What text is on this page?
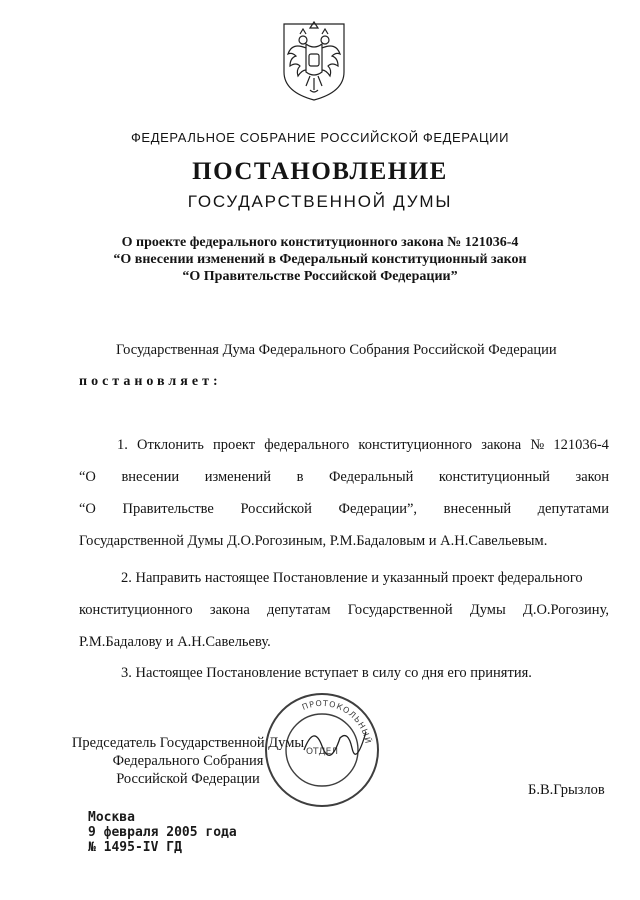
ФЕДЕРАЛЬНОЕ СОБРАНИЕ РОССИЙСКОЙ ФЕДЕРАЦИИ
ПОСТАНОВЛЕНИЕ
ГОСУДАРСТВЕННОЙ ДУМЫ
О проекте федерального конституционного закона № 121036-4
“О внесении изменений в Федеральный конституционный закон
“О Правительстве Российской Федерации”
Государственная Дума Федерального Собрания Российской Федерации
постановляет:
1. Отклонить проект федерального конституционного закона № 121036-4
“О внесении изменений в Федеральный конституционный закон
“О Правительстве Российской Федерации”, внесенный депутатами
Государственной Думы Д.О.Рогозиным, Р.М.Бадаловым и А.Н.Савельевым.
2. Направить настоящее Постановление и указанный проект федерального
конституционного закона депутатам Государственной Думы Д.О.Рогозину,
Р.М.Бадалову и А.Н.Савельеву.
3. Настоящее Постановление вступает в силу со дня его принятия.
Председатель Государственной Думы
Федерального Собрания
Российской Федерации
ПРОТОКОЛЬНЫЙ
ОТДЕЛ
Б.В.Грызлов
Москва
9 февраля 2005 года
№ 1495-IV ГД
